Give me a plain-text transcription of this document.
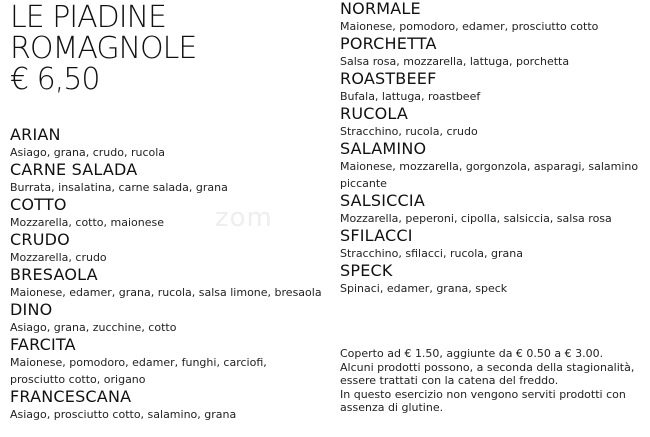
zom
LE PIADINE
ROMAGNOLE
€ 6,50
ARIAN
Asiago, grana, crudo, rucola
CARNE SALADA
Burrata, insalatina, carne salada, grana
COTTO
Mozzarella, cotto, maionese
CRUDO
Mozzarella, crudo
BRESAOLA
Maionese, edamer, grana, rucola, salsa limone, bresaola
DINO
Asiago, grana, zucchine, cotto
FARCITA
Maionese, pomodoro, edamer, funghi, carciofi, prosciutto cotto, origano
FRANCESCANA
Asiago, prosciutto cotto, salamino, grana
NORMALE
Maionese, pomodoro, edamer, prosciutto cotto
PORCHETTA
Salsa rosa, mozzarella, lattuga, porchetta
ROASTBEEF
Bufala, lattuga, roastbeef
RUCOLA
Stracchino, rucola, crudo
SALAMINO
Maionese, mozzarella, gorgonzola, asparagi, salamino piccante
SALSICCIA
Mozzarella, peperoni, cipolla, salsiccia, salsa rosa
SFILACCI
Stracchino, sfilacci, rucola, grana
SPECK
Spinaci, edamer, grana, speck

Coperto ad € 1.50, aggiunte da € 0.50 a € 3.00.

Alcuni prodotti possono, a seconda della stagionalità, essere trattati con la catena del freddo.

In questo esercizio non vengono serviti prodotti con assenza di glutine.
